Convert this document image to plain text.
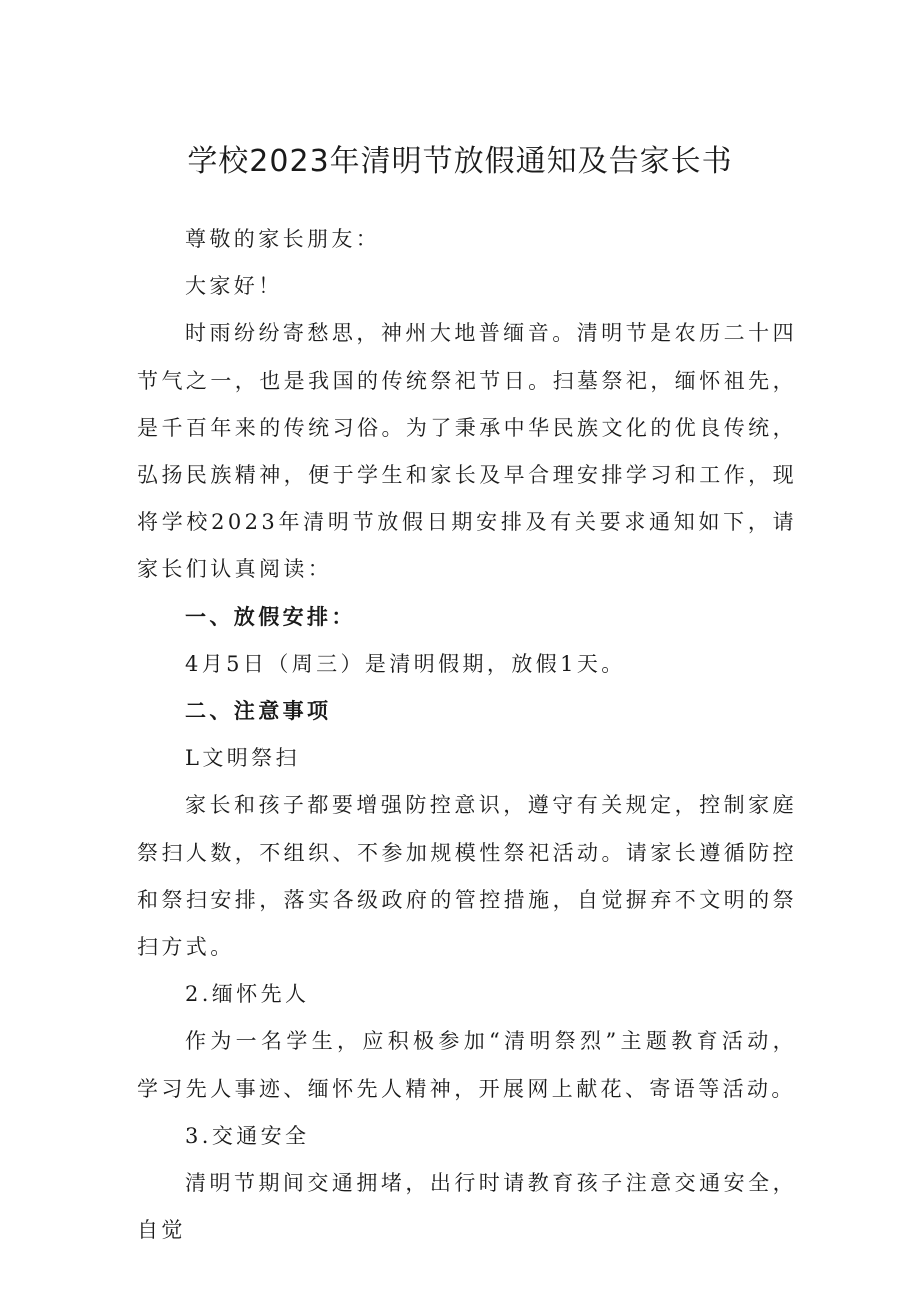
学校2023年清明节放假通知及告家长书

尊敬的家长朋友：

大家好！

时雨纷纷寄愁思，神州大地普缅音。清明节是农历二十四节气之一，也是我国的传统祭祀节日。扫墓祭祀，缅怀祖先，是千百年来的传统习俗。为了秉承中华民族文化的优良传统，弘扬民族精神，便于学生和家长及早合理安排学习和工作，现将学校2023年清明节放假日期安排及有关要求通知如下，请家长们认真阅读：

一、放假安排：

4月5日（周三）是清明假期，放假1天。

二、注意事项

L文明祭扫

家长和孩子都要增强防控意识，遵守有关规定，控制家庭祭扫人数，不组织、不参加规模性祭祀活动。请家长遵循防控和祭扫安排，落实各级政府的管控措施，自觉摒弃不文明的祭扫方式。

2.缅怀先人

作为一名学生，应积极参加“清明祭烈”主题教育活动，学习先人事迹、缅怀先人精神，开展网上献花、寄语等活动。

3.交通安全

清明节期间交通拥堵，出行时请教育孩子注意交通安全，自觉
